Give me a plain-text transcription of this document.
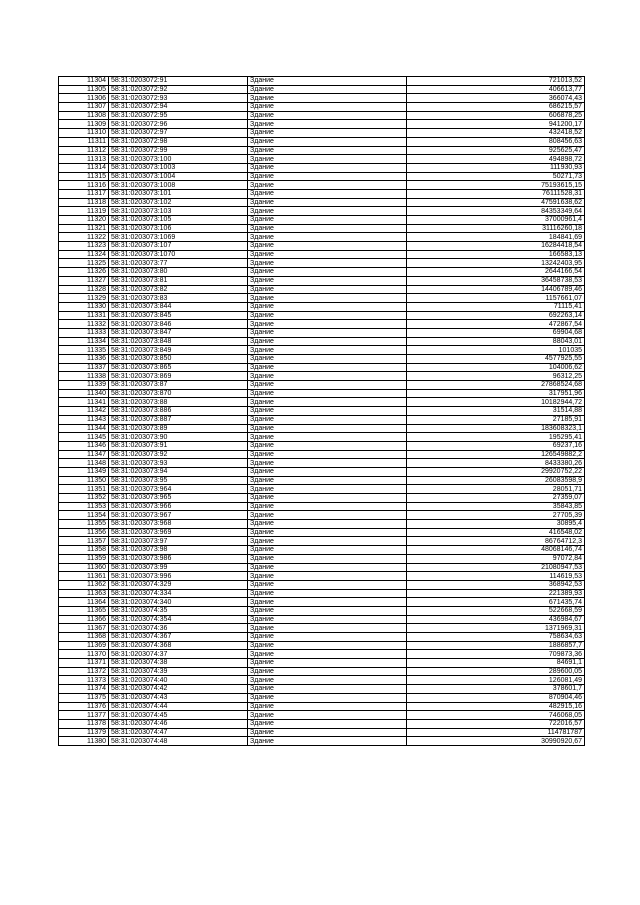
11304	58:31:0203072:91	Здание	721013,52
11305	58:31:0203072:92	Здание	406613,77
11306	58:31:0203072:93	Здание	366074,43
11307	58:31:0203072:94	Здание	686215,57
11308	58:31:0203072:95	Здание	606878,25
11309	58:31:0203072:96	Здание	941200,17
11310	58:31:0203072:97	Здание	432418,52
11311	58:31:0203072:98	Здание	808456,63
11312	58:31:0203072:99	Здание	925625,47
11313	58:31:0203073:100	Здание	494898,72
11314	58:31:0203073:1003	Здание	111930,93
11315	58:31:0203073:1004	Здание	50271,73
11316	58:31:0203073:1008	Здание	75193615,15
11317	58:31:0203073:101	Здание	76111528,31
11318	58:31:0203073:102	Здание	47591638,62
11319	58:31:0203073:103	Здание	84353349,64
11320	58:31:0203073:105	Здание	37000961,4
11321	58:31:0203073:106	Здание	31116260,18
11322	58:31:0203073:1069	Здание	184841,69
11323	58:31:0203073:107	Здание	16284418,54
11324	58:31:0203073:1070	Здание	166583,13
11325	58:31:0203073:77	Здание	13242403,95
11326	58:31:0203073:80	Здание	2644166,54
11327	58:31:0203073:81	Здание	36458738,53
11328	58:31:0203073:82	Здание	14406789,46
11329	58:31:0203073:83	Здание	1157661,07
11330	58:31:0203073:844	Здание	71115,41
11331	58:31:0203073:845	Здание	692263,14
11332	58:31:0203073:846	Здание	472867,54
11333	58:31:0203073:847	Здание	69904,68
11334	58:31:0203073:848	Здание	88043,01
11335	58:31:0203073:849	Здание	101035
11336	58:31:0203073:850	Здание	4577925,55
11337	58:31:0203073:865	Здание	104006,62
11338	58:31:0203073:869	Здание	96312,25
11339	58:31:0203073:87	Здание	27868524,68
11340	58:31:0203073:870	Здание	317951,96
11341	58:31:0203073:88	Здание	10182944,72
11342	58:31:0203073:886	Здание	31514,88
11343	58:31:0203073:887	Здание	27185,91
11344	58:31:0203073:89	Здание	183608323,1
11345	58:31:0203073:90	Здание	195295,41
11346	58:31:0203073:91	Здание	69237,16
11347	58:31:0203073:92	Здание	126549882,2
11348	58:31:0203073:93	Здание	8433380,26
11349	58:31:0203073:94	Здание	29920752,22
11350	58:31:0203073:95	Здание	26083598,9
11351	58:31:0203073:964	Здание	28051,71
11352	58:31:0203073:965	Здание	27359,07
11353	58:31:0203073:966	Здание	35843,85
11354	58:31:0203073:967	Здание	27705,39
11355	58:31:0203073:968	Здание	30895,4
11356	58:31:0203073:969	Здание	416548,02
11357	58:31:0203073:97	Здание	86764712,3
11358	58:31:0203073:98	Здание	48068146,74
11359	58:31:0203073:986	Здание	97072,84
11360	58:31:0203073:99	Здание	21080947,53
11361	58:31:0203073:996	Здание	114619,53
11362	58:31:0203074:329	Здание	368942,53
11363	58:31:0203074:334	Здание	221389,93
11364	58:31:0203074:340	Здание	671435,74
11365	58:31:0203074:35	Здание	522668,59
11366	58:31:0203074:354	Здание	436984,67
11367	58:31:0203074:36	Здание	1371969,31
11368	58:31:0203074:367	Здание	758634,63
11369	58:31:0203074:368	Здание	1886857,7
11370	58:31:0203074:37	Здание	709873,36
11371	58:31:0203074:38	Здание	84691,1
11372	58:31:0203074:39	Здание	289600,05
11373	58:31:0203074:40	Здание	126081,49
11374	58:31:0203074:42	Здание	378601,7
11375	58:31:0203074:43	Здание	870904,46
11376	58:31:0203074:44	Здание	482915,16
11377	58:31:0203074:45	Здание	746068,05
11378	58:31:0203074:46	Здание	722016,57
11379	58:31:0203074:47	Здание	114781787
11380	58:31:0203074:48	Здание	30990920,67
